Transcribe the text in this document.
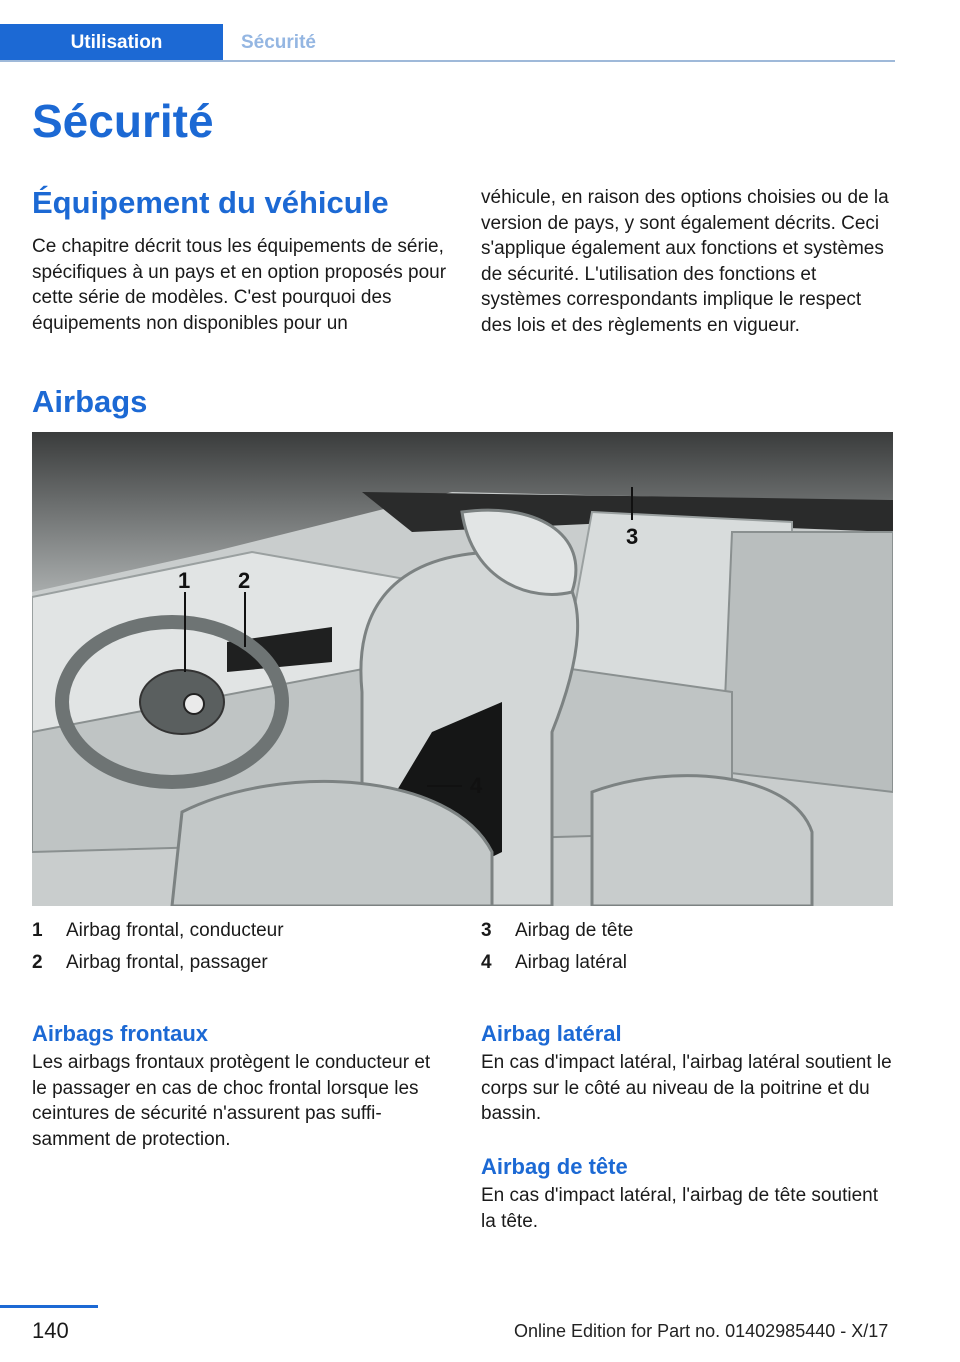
Utilisation	Sécurité
Sécurité
Équipement du véhicule

Ce chapitre décrit tous les équipements de série, spécifiques à un pays et en option proposés pour cette série de modèles. C'est pourquoi des équipements non disponibles pour un

véhicule, en raison des options choisies ou de la version de pays, y sont également décrits. Ceci s'applique également aux fonctions et systèmes de sécurité. L'utilisation des fonctions et systèmes correspondants implique le respect des lois et des règlements en vigueur.

Airbags
1 2
3
4
1	Airbag frontal, conducteur
2	Airbag frontal, passager
3	Airbag de tête
4	Airbag latéral
Airbags frontaux

Les airbags frontaux protègent le conducteur et le passager en cas de choc frontal lorsque les ceintures de sécurité n'assurent pas suffisamment de protection.

Airbag latéral

En cas d'impact latéral, l'airbag latéral soutient le corps sur le côté au niveau de la poitrine et du bassin.

Airbag de tête

En cas d'impact latéral, l'airbag de tête soutient la tête.

140	Online Edition for Part no. 01402985440 - X/17
